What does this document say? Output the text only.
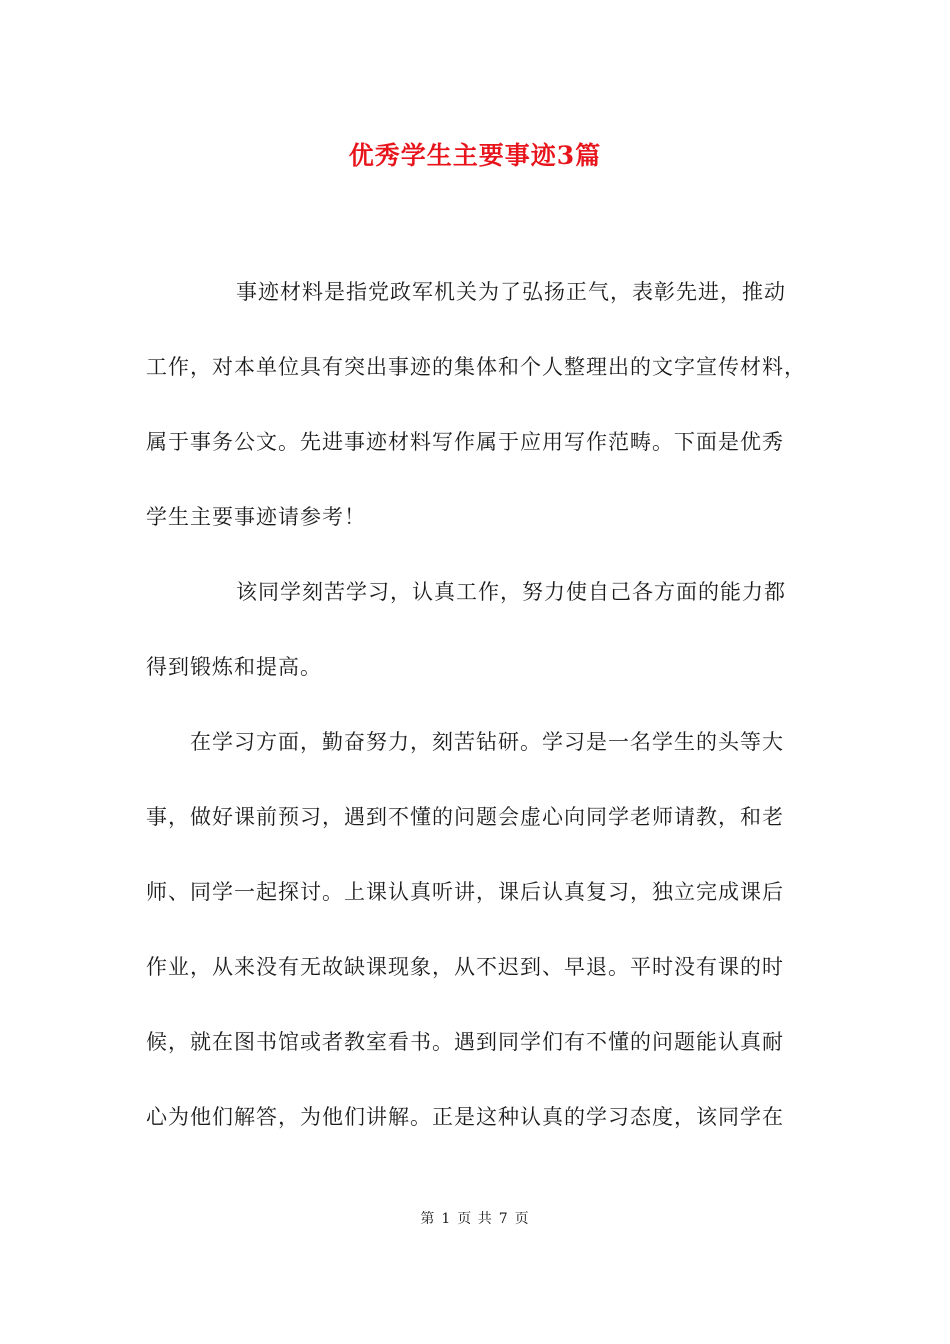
优秀学生主要事迹3篇
事迹材料是指党政军机关为了弘扬正气，表彰先进，推动
工作，对本单位具有突出事迹的集体和个人整理出的文字宣传材料，
属于事务公文。先进事迹材料写作属于应用写作范畴。下面是优秀
学生主要事迹请参考！
该同学刻苦学习，认真工作，努力使自己各方面的能力都
得到锻炼和提高。
在学习方面，勤奋努力，刻苦钻研。学习是一名学生的头等大
事，做好课前预习，遇到不懂的问题会虚心向同学老师请教，和老
师、同学一起探讨。上课认真听讲，课后认真复习，独立完成课后
作业，从来没有无故缺课现象，从不迟到、早退。平时没有课的时
候，就在图书馆或者教室看书。遇到同学们有不懂的问题能认真耐
心为他们解答，为他们讲解。正是这种认真的学习态度，该同学在
第 1 页 共 7 页
